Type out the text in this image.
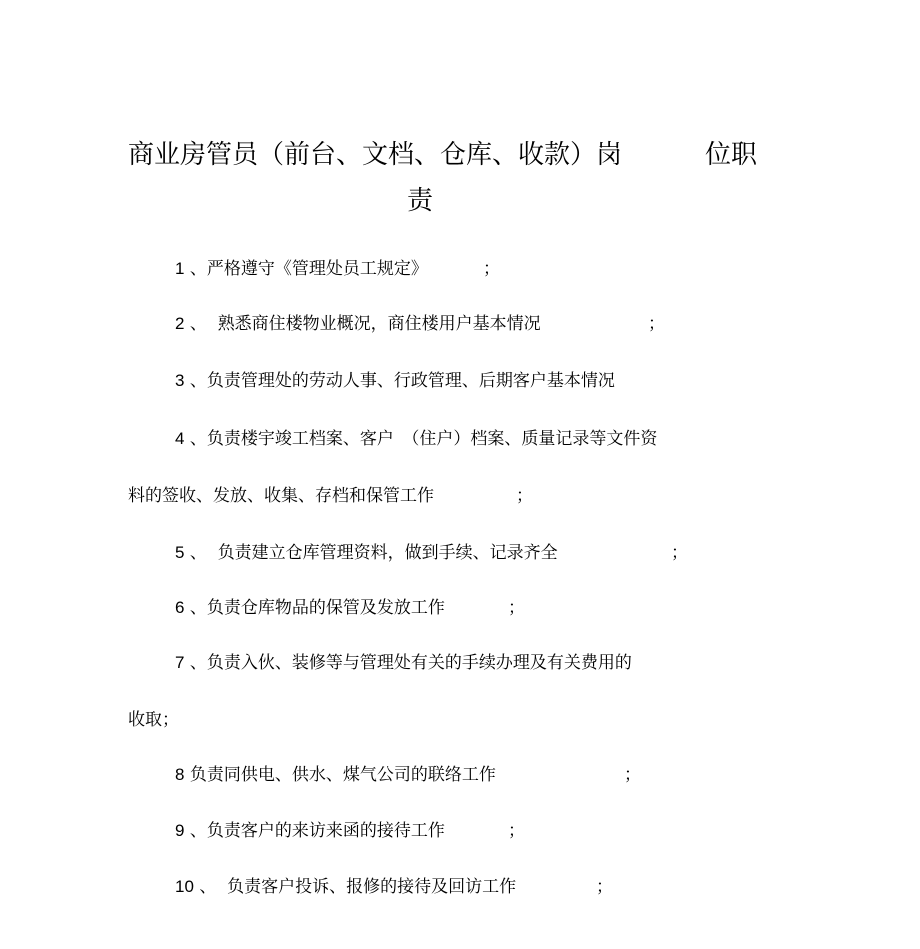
商业房管员（前台、文档、仓库、收款）岗	位职
责
1 、严格遵守《管理处员工规定》	；
2 、 熟悉商住楼物业概况，商住楼用户基本情况	；
3 、负责管理处的劳动人事、行政管理、后期客户基本情况
4 、负责楼宇竣工档案、客户　（住户）档案、质量记录等文件资
料的签收、发放、收集、存档和保管工作	；
5 、 负责建立仓库管理资料，做到手续、记录齐全	；
6 、负责仓库物品的保管及发放工作	；
7 、负责入伙、装修等与管理处有关的手续办理及有关费用的
收取；
8 负责同供电、供水、煤气公司的联络工作	；
9 、负责客户的来访来函的接待工作	；
10 、 负责客户投诉、报修的接待及回访工作	；
